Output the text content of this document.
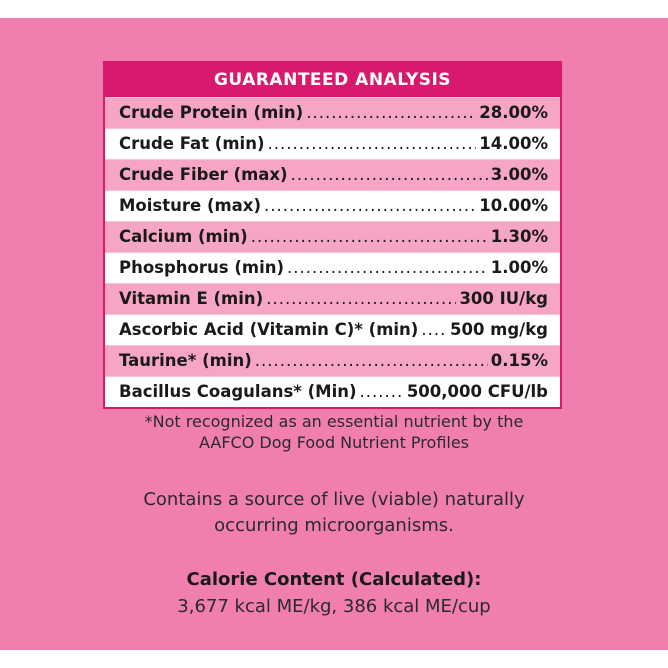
GUARANTEED ANALYSIS
Crude Protein (min) .....	28.00%
Crude Fat (min) .....	14.00%
Crude Fiber (max) .....	3.00%
Moisture (max) .....	10.00%
Calcium (min) .....	1.30%
Phosphorus (min) .....	1.00%
Vitamin E (min) .....	300 IU/kg
Ascorbic Acid (Vitamin C)* (min) ..... 500 mg/kg
Taurine* (min) .....	0.15%
Bacillus Coagulans* (Min) .....	500,000 CFU/lb
*Not recognized as an essential nutrient by the
AAFCO Dog Food Nutrient Profiles
Contains a source of live (viable) naturally
occurring microorganisms.
Calorie Content (Calculated):
3,677 kcal ME/kg, 386 kcal ME/cup
